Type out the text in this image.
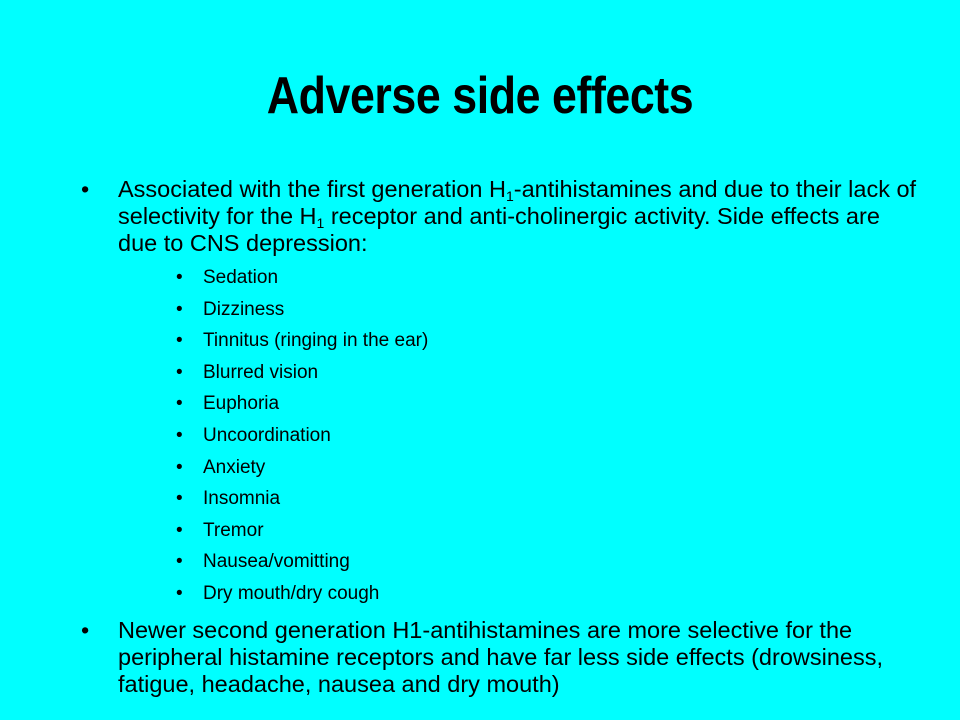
Adverse side effects
• Associated with the first generation $H_1$-antihistamines and due to their lack of selectivity for the $H_1$ receptor and anti-cholinergic activity. Side effects are due to CNS depression:
• Sedation
• Dizziness
• Tinnitus (ringing in the ear)
• Blurred vision
• Euphoria
• Uncoordination
• Anxiety
• Insomnia
• Tremor
• Nausea/vomitting
• Dry mouth/dry cough
• Newer second generation H1-antihistamines are more selective for the peripheral histamine receptors and have far less side effects (drowsiness, fatigue, headache, nausea and dry mouth)
